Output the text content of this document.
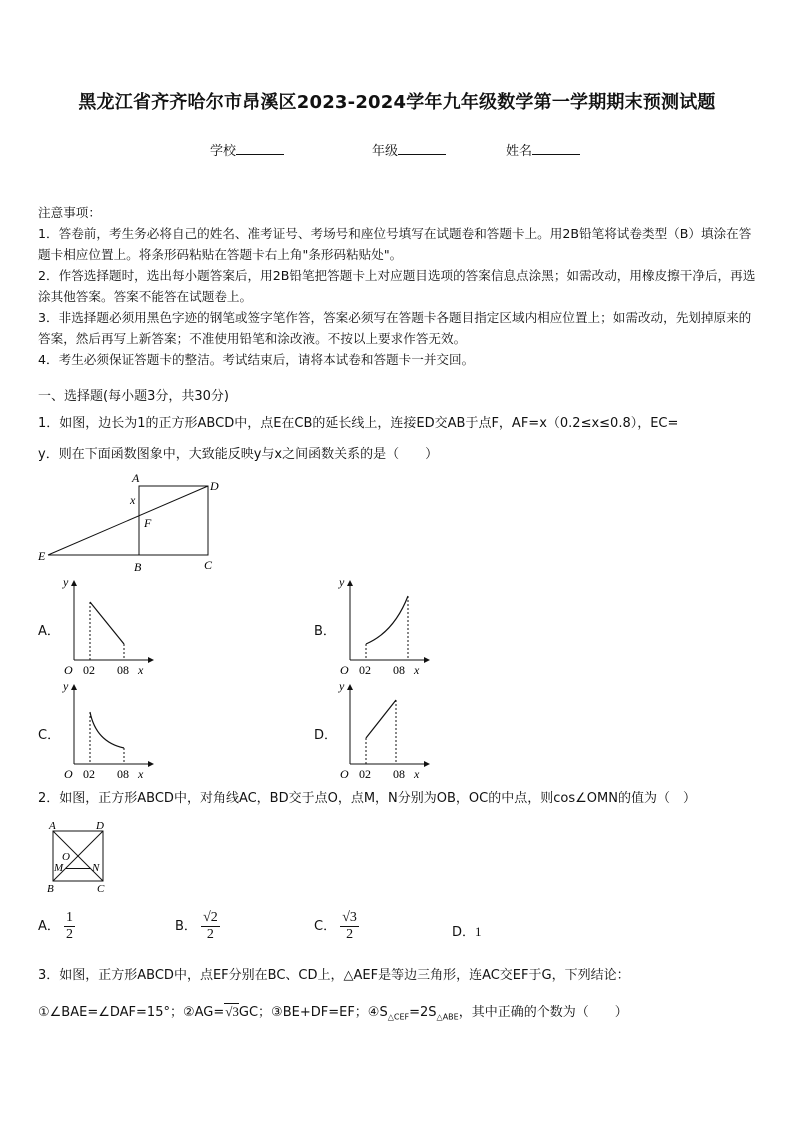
黑龙江省齐齐哈尔市昂溪区2023-2024学年九年级数学第一学期期末预测试题
学校	年级	姓名
注意事项：
1．答卷前，考生务必将自己的姓名、准考证号、考场号和座位号填写在试题卷和答题卡上。用2B铅笔将试卷类型（B）填涂在答题卡相应位置上。将条形码粘贴在答题卡右上角"条形码粘贴处"。
2．作答选择题时，选出每小题答案后，用2B铅笔把答题卡上对应题目选项的答案信息点涂黑；如需改动，用橡皮擦干净后，再选涂其他答案。答案不能答在试题卷上。
3．非选择题必须用黑色字迹的钢笔或签字笔作答，答案必须写在答题卡各题目指定区域内相应位置上；如需改动，先划掉原来的答案，然后再写上新答案；不准使用铅笔和涂改液。不按以上要求作答无效。
4．考生必须保证答题卡的整洁。考试结束后，请将本试卷和答题卡一并交回。
一、选择题(每小题3分，共30分)
1．如图，边长为1的正方形ABCD中，点E在CB的延长线上，连接ED交AB于点F，AF=x（0.2≤x≤0.8），EC=
y．则在下面函数图象中，大致能反映y与x之间函数关系的是（　　）
A
D
E
B	C
F
x
A．	B．
C．	D．
y
O 02 08 x
y
O 02 08 x
y
O 02 08 x
y
O 02 08 x
2．如图，正方形ABCD中，对角线AC，BD交于点O，点M，N分别为OB，OC的中点，则cos∠OMN的值为（　）
A	D
B	C
O
M	N
A． $\frac{1}{2}$	B． $\frac{√2}{2}$	C． $\frac{√3}{2}$	D．1
3．如图，正方形ABCD中，点EF分别在BC、CD上，△AEF是等边三角形，连AC交EF于G，下列结论：
①∠BAE=∠DAF=15°；②AG=√3GC；③BE+DF=EF；$④S_{\triangle CEF}=2S_{\triangle ABE}$，其中正确的个数为（　　）
